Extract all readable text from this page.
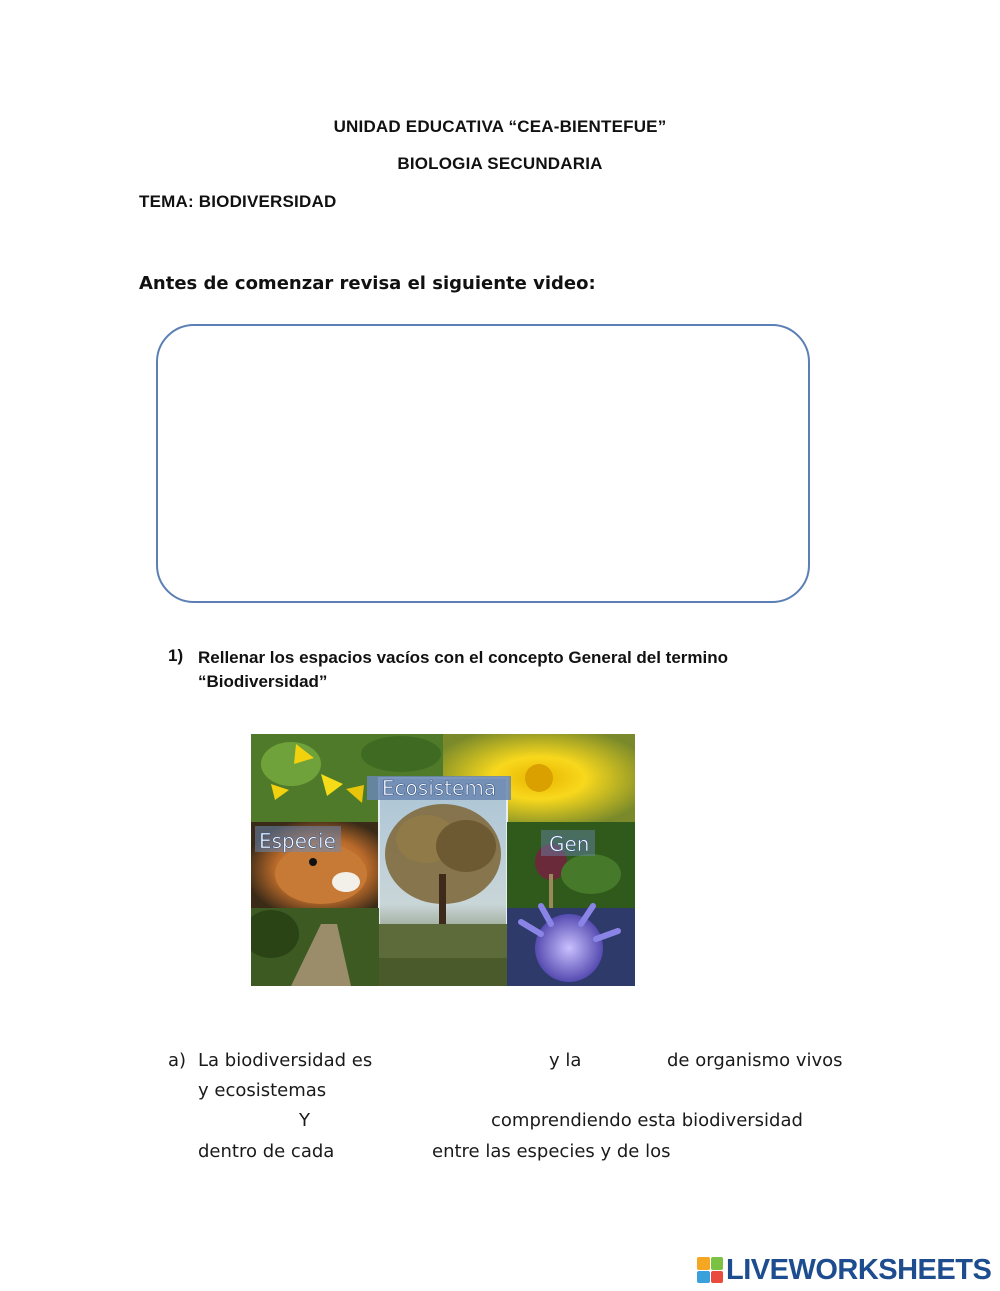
UNIDAD EDUCATIVA “CEA-BIENTEFUE”
BIOLOGIA SECUNDARIA
TEMA: BIODIVERSIDAD
Antes de comenzar revisa el siguiente video:
1) Rellenar los espacios vacíos con el concepto General del termino
“Biodiversidad”
Ecosistema
Especie	Gen
a) La biodiversidad es	y la	de organismo vivos
y ecosistemas
Y	comprendiendo esta biodiversidad
dentro de cada	entre las especies y de los
LIVEWORKSHEETS
